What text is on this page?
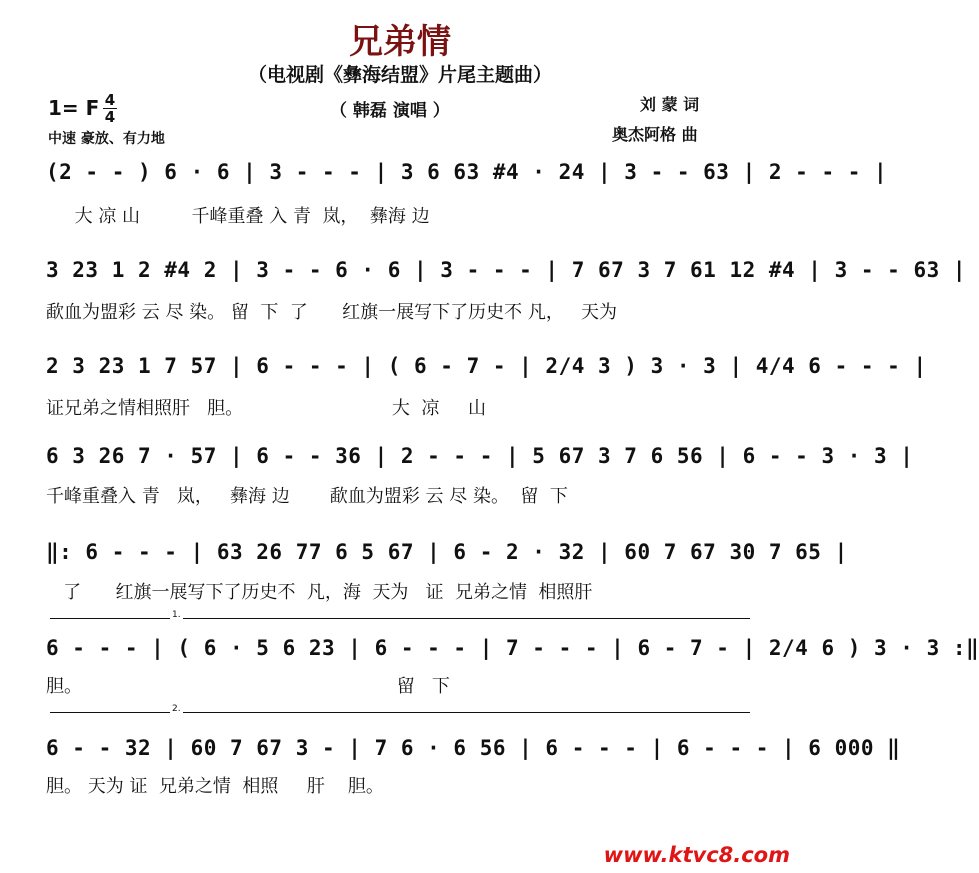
兄弟情
（电视剧《彝海结盟》片尾主题曲）
（ 韩磊 演唱 ）	刘 蒙 词
奥杰阿格 曲
1= F 4
4
中速 豪放、有力地
(2 - - ) 6 · 6 | 3 - - - | 3 6 63 #4 · 24 | 3 - - 63 | 2 - - - |
大 凉 山         千峰重叠 入 青  岚，  彝海 边
3 23 1 2 #4 2 | 3 - - 6 · 6 | 3 - - - | 7 67 3 7 61 12 #4 | 3 - - 63 |
歃血为盟彩 云 尽 染。 留  下  了      红旗一展写下了历史不 凡，   天为
2 3 23 1 7 57 | 6 - - - | ( 6 - 7 - | 2/4 3 ) 3 · 3 | 4/4 6 - - - |
证兄弟之情相照肝   胆。                          大  凉     山
6 3 26 7 · 57 | 6 - - 36 | 2 - - - | 5 67 3 7 6 56 | 6 - - 3 · 3 |
千峰重叠入 青   岚，   彝海 边       歃血为盟彩 云 尽 染。  留  下
‖: 6 - - - | 63 26 77 6 5 67 | 6 - 2 · 32 | 60 7 67 30 7 65 |
了      红旗一展写下了历史不  凡，海  天为   证  兄弟之情  相照肝
1.
6 - - - | ( 6 · 5 6 23 | 6 - - - | 7 - - - | 6 - 7 - | 2/4 6 ) 3 · 3 :‖
胆。                                                       留   下
2.
6 - - 32 | 60 7 67 3 - | 7 6 · 6 56 | 6 - - - | 6 - - - | 6 000 ‖
胆。 天为 证  兄弟之情  相照     肝    胆。
www.ktvc8.com
